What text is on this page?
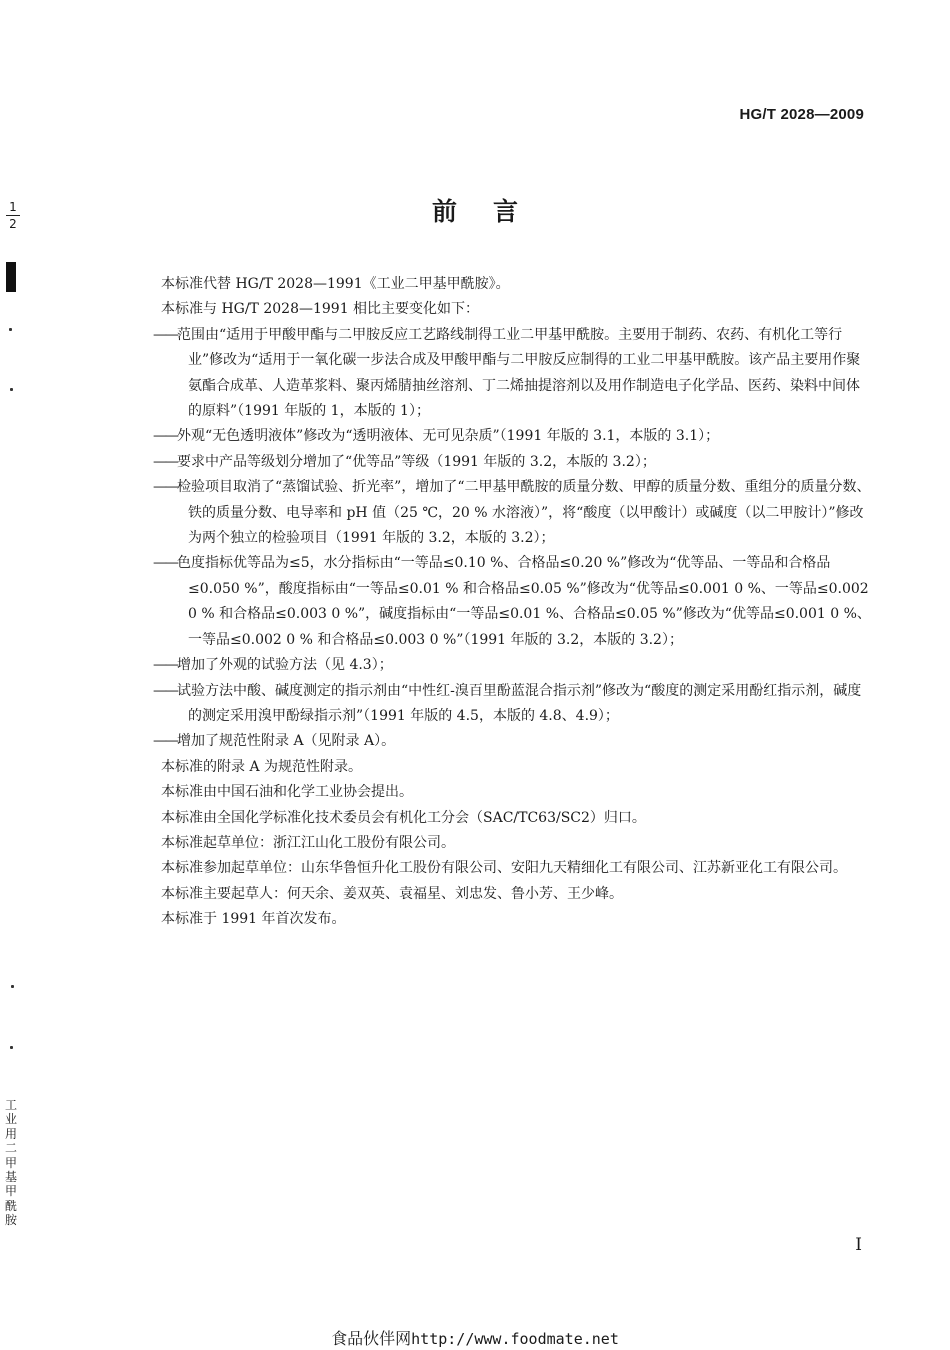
HG/T 2028—2009
前言

本标准代替 HG/T 2028—1991《工业二甲基甲酰胺》。

本标准与 HG/T 2028—1991 相比主要变化如下：

——范围由“适用于甲酸甲酯与二甲胺反应工艺路线制得工业二甲基甲酰胺。主要用于制药、农药、有机化工等行业”修改为“适用于一氧化碳一步法合成及甲酸甲酯与二甲胺反应制得的工业二甲基甲酰胺。该产品主要用作聚氨酯合成革、人造革浆料、聚丙烯腈抽丝溶剂、丁二烯抽提溶剂以及用作制造电子化学品、医药、染料中间体的原料”（1991 年版的 1，本版的 1）；
——外观“无色透明液体”修改为“透明液体、无可见杂质”（1991 年版的 3.1，本版的 3.1）；
——要求中产品等级划分增加了“优等品”等级（1991 年版的 3.2，本版的 3.2）；
——检验项目取消了“蒸馏试验、折光率”，增加了“二甲基甲酰胺的质量分数、甲醇的质量分数、重组分的质量分数、铁的质量分数、电导率和 pH 值（25 ℃，20 % 水溶液）”，将“酸度（以甲酸计）或碱度（以二甲胺计）”修改为两个独立的检验项目（1991 年版的 3.2，本版的 3.2）；
——色度指标优等品为≤5，水分指标由“一等品≤0.10 %、合格品≤0.20 %”修改为“优等品、一等品和合格品≤0.050 %”，酸度指标由“一等品≤0.01 % 和合格品≤0.05 %”修改为“优等品≤0.001 0 %、一等品≤0.002 0 % 和合格品≤0.003 0 %”，碱度指标由“一等品≤0.01 %、合格品≤0.05 %”修改为“优等品≤0.001 0 %、一等品≤0.002 0 % 和合格品≤0.003 0 %”（1991 年版的 3.2，本版的 3.2）；
——增加了外观的试验方法（见 4.3）；
——试验方法中酸、碱度测定的指示剂由“中性红-溴百里酚蓝混合指示剂”修改为“酸度的测定采用酚红指示剂，碱度的测定采用溴甲酚绿指示剂”（1991 年版的 4.5，本版的 4.8、4.9）；
——增加了规范性附录 A（见附录 A）。

本标准的附录 A 为规范性附录。

本标准由中国石油和化学工业协会提出。

本标准由全国化学标准化技术委员会有机化工分会（SAC/TC63/SC2）归口。

本标准起草单位：浙江江山化工股份有限公司。

本标准参加起草单位：山东华鲁恒升化工股份有限公司、安阳九天精细化工有限公司、江苏新亚化工有限公司。

本标准主要起草人：何天余、姜双英、袁福星、刘忠发、鲁小芳、王少峰。

本标准于 1991 年首次发布。

I
食品伙伴网http://www.foodmate.net
1
2
工业用二甲基甲酰胺
